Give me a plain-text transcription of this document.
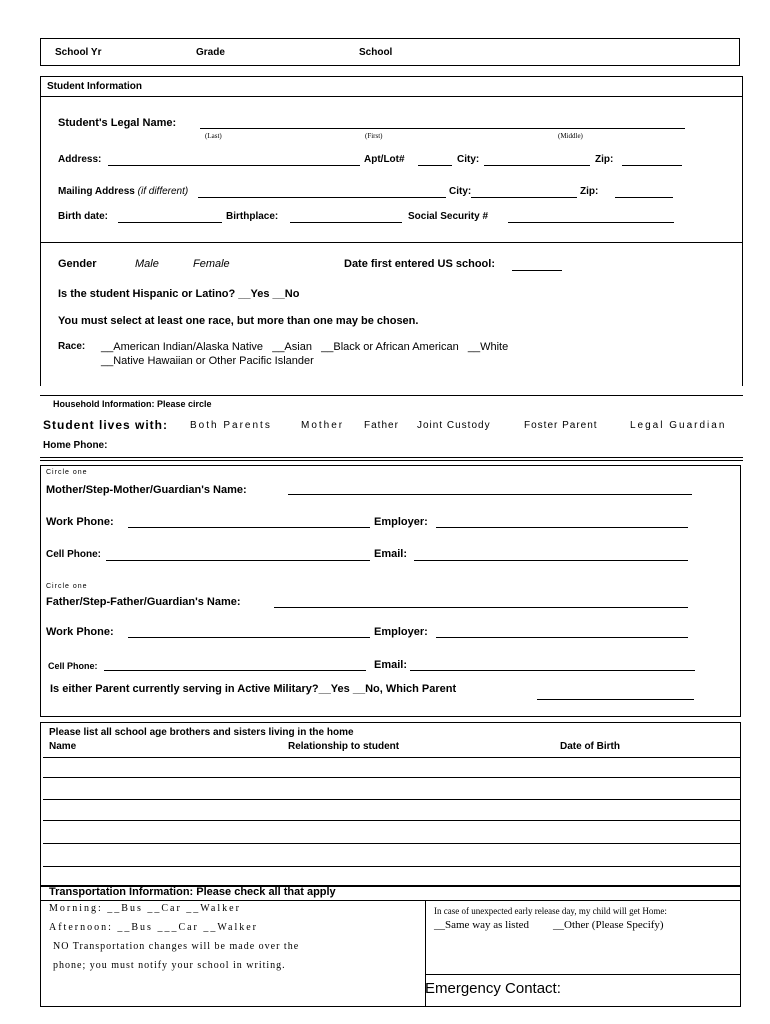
School Yr	Grade	School
Student Information
Student's Legal Name:
(Last)	(First)	(Middle)
Address:	Apt/Lot#	City:	Zip:
Mailing Address (if different)	City:	Zip:
Birth date:	Birthplace:	Social Security #
Gender	Male	Female	Date first entered US school:
Is the student Hispanic or Latino? __Yes __No
You must select at least one race, but more than one may be chosen.
Race: __American Indian/Alaska Native   __Asian   __Black or African American   __White
__Native Hawaiian or Other Pacific Islander
Household Information: Please circle
Student lives with: Both Parents	Mother Father Joint Custody	Foster Parent	Legal Guardian
Home Phone:
Circle one
Mother/Step-Mother/Guardian's Name:
Work Phone:	Employer:
Cell Phone:	Email:
Circle one
Father/Step-Father/Guardian's Name:
Work Phone:	Employer:
Cell Phone:	Email:
Is either Parent currently serving in Active Military?__Yes __No, Which Parent
Please list all school age brothers and sisters living in the home
Name	Relationship to student	Date of Birth
Transportation Information: Please check all that apply
Morning: __Bus __Car __Walker
Afternoon: __Bus ___Car __Walker
NO Transportation changes will be made over the
phone; you must notify your school in writing.
In case of unexpected early release day, my child will get Home:
__Same way as listed __Other (Please Specify)
Emergency Contact:
